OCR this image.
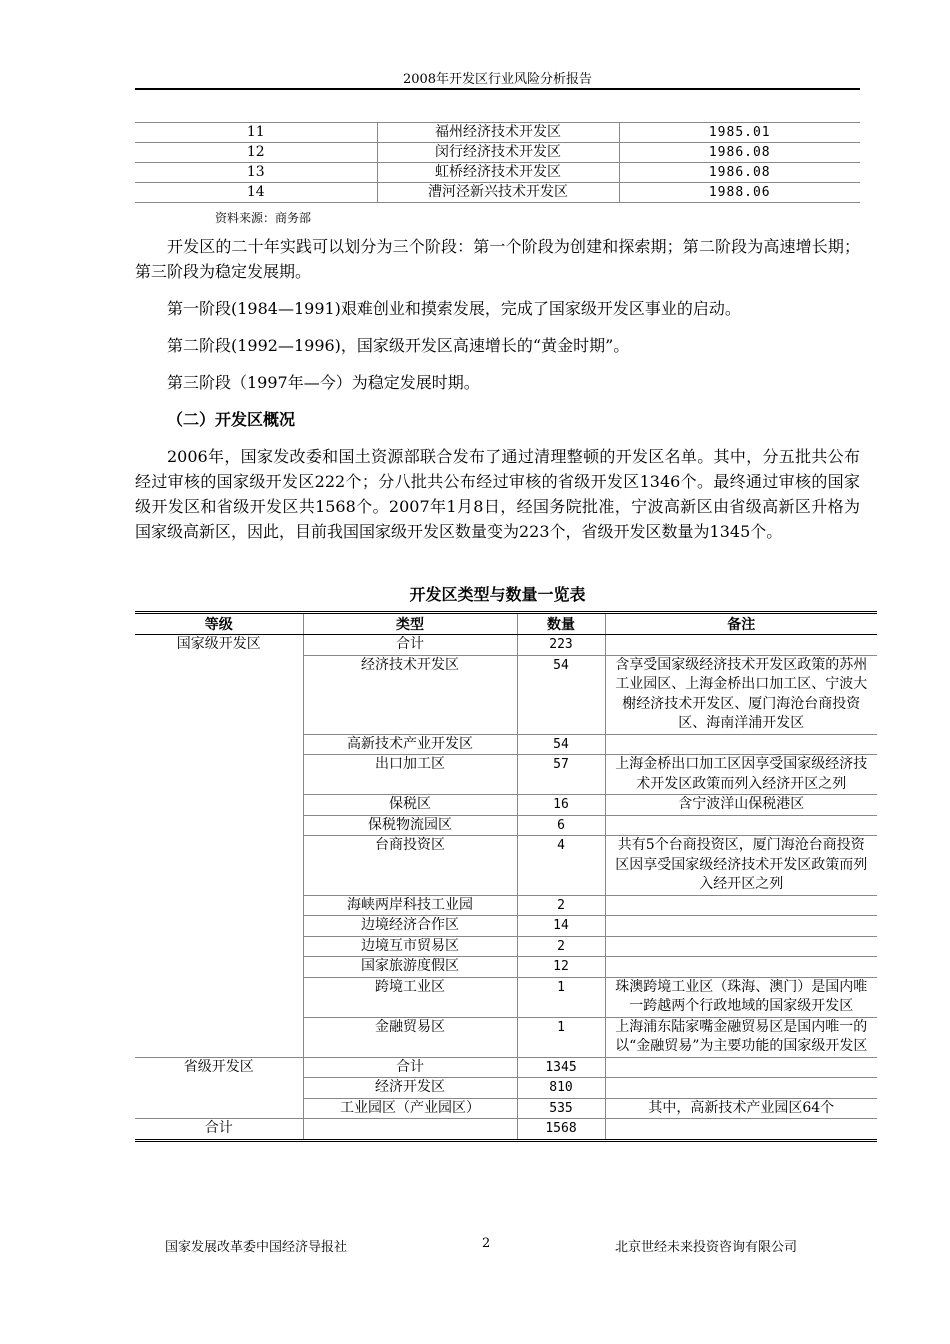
2008年开发区行业风险分析报告
11	福州经济技术开发区	1985.01
12	闵行经济技术开发区	1986.08
13	虹桥经济技术开发区	1986.08
14	漕河泾新兴技术开发区	1988.06
资料来源：商务部

开发区的二十年实践可以划分为三个阶段：第一个阶段为创建和探索期；第二阶段为高速增长期；第三阶段为稳定发展期。

第一阶段(1984—1991)艰难创业和摸索发展，完成了国家级开发区事业的启动。

第二阶段(1992—1996)，国家级开发区高速增长的“黄金时期”。

第三阶段（1997年—今）为稳定发展时期。

（二）开发区概况

2006年，国家发改委和国土资源部联合发布了通过清理整顿的开发区名单。其中，分五批共公布经过审核的国家级开发区222个；分八批共公布经过审核的省级开发区1346个。最终通过审核的国家级开发区和省级开发区共1568个。2007年1月8日，经国务院批准，宁波高新区由省级高新区升格为国家级高新区，因此，目前我国国家级开发区数量变为223个，省级开发区数量为1345个。

开发区类型与数量一览表
等级	类型	数量	备注
国家级开发区	合计	223	
	经济技术开发区	54	含享受国家级经济技术开发区政策的苏州工业园区、上海金桥出口加工区、宁波大榭经济技术开发区、厦门海沧台商投资区、海南洋浦开发区
	高新技术产业开发区	54	
	出口加工区	57	上海金桥出口加工区因享受国家级经济技术开发区政策而列入经济开区之列
	保税区	16	含宁波洋山保税港区
	保税物流园区	6	
	台商投资区	4	共有5个台商投资区，厦门海沧台商投资区因享受国家级经济技术开发区政策而列入经开区之列
	海峡两岸科技工业园	2	
	边境经济合作区	14	
	边境互市贸易区	2	
	国家旅游度假区	12	
	跨境工业区	1	珠澳跨境工业区（珠海、澳门）是国内唯一跨越两个行政地域的国家级开发区
	金融贸易区	1	上海浦东陆家嘴金融贸易区是国内唯一的以“金融贸易”为主要功能的国家级开发区
省级开发区	合计	1345	
	经济开发区	810	
	工业园区（产业园区）	535	其中，高新技术产业园区64个
合计		1568	
国家发展改革委中国经济导报社	2	北京世经未来投资咨询有限公司
